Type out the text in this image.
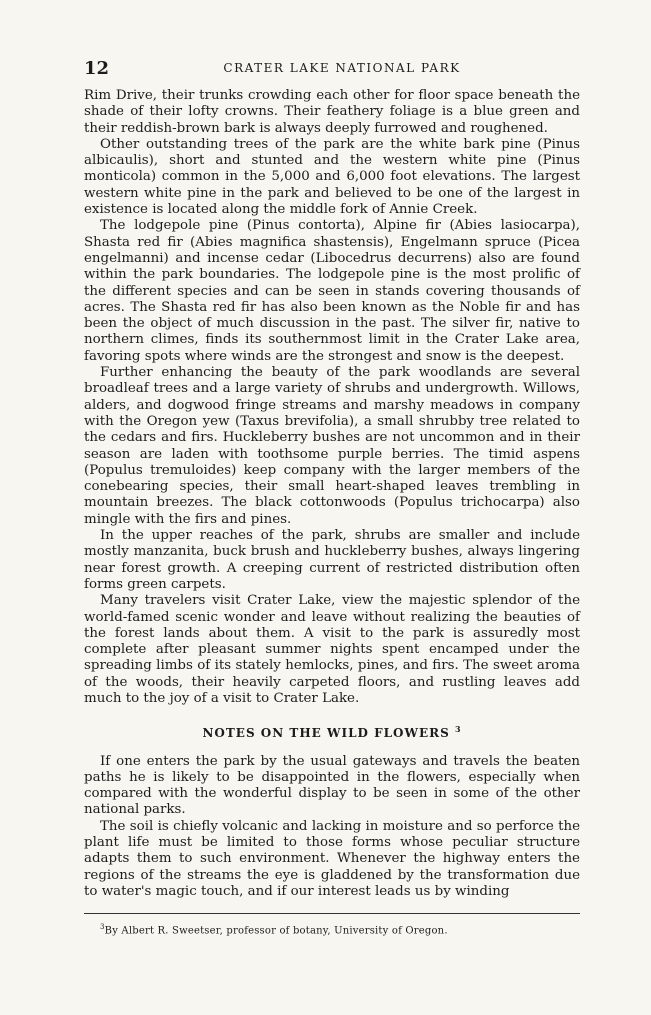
12	CRATER LAKE NATIONAL PARK

Rim Drive, their trunks crowding each other for floor space beneath the shade of their lofty crowns. Their feathery foliage is a blue green and their reddish-brown bark is always deeply furrowed and roughened.

Other outstanding trees of the park are the white bark pine (Pinus albicaulis), short and stunted and the western white pine (Pinus monticola) common in the 5,000 and 6,000 foot elevations. The largest western white pine in the park and believed to be one of the largest in existence is located along the middle fork of Annie Creek.

The lodgepole pine (Pinus contorta), Alpine fir (Abies lasiocarpa), Shasta red fir (Abies magnifica shastensis), Engelmann spruce (Picea engelmanni) and incense cedar (Libocedrus decurrens) also are found within the park boundaries. The lodgepole pine is the most prolific of the different species and can be seen in stands covering thousands of acres. The Shasta red fir has also been known as the Noble fir and has been the object of much discussion in the past. The silver fir, native to northern climes, finds its southernmost limit in the Crater Lake area, favoring spots where winds are the strongest and snow is the deepest.

Further enhancing the beauty of the park woodlands are several broadleaf trees and a large variety of shrubs and undergrowth. Willows, alders, and dogwood fringe streams and marshy meadows in company with the Oregon yew (Taxus brevifolia), a small shrubby tree related to the cedars and firs. Huckleberry bushes are not uncommon and in their season are laden with toothsome purple berries. The timid aspens (Populus tremuloides) keep company with the larger members of the conebearing species, their small heart-shaped leaves trembling in mountain breezes. The black cottonwoods (Populus trichocarpa) also mingle with the firs and pines.

In the upper reaches of the park, shrubs are smaller and include mostly manzanita, buck brush and huckleberry bushes, always lingering near forest growth. A creeping current of restricted distribution often forms green carpets.

Many travelers visit Crater Lake, view the majestic splendor of the world-famed scenic wonder and leave without realizing the beauties of the forest lands about them. A visit to the park is assuredly most complete after pleasant summer nights spent encamped under the spreading limbs of its stately hemlocks, pines, and firs. The sweet aroma of the woods, their heavily carpeted floors, and rustling leaves add much to the joy of a visit to Crater Lake.

NOTES ON THE WILD FLOWERS $^3$

If one enters the park by the usual gateways and travels the beaten paths he is likely to be disappointed in the flowers, especially when compared with the wonderful display to be seen in some of the other national parks.

The soil is chiefly volcanic and lacking in moisture and so perforce the plant life must be limited to those forms whose peculiar structure adapts them to such environment. Whenever the highway enters the regions of the streams the eye is gladdened by the transformation due to water's magic touch, and if our interest leads us by winding

$^3$By Albert R. Sweetser, professor of botany, University of Oregon.
